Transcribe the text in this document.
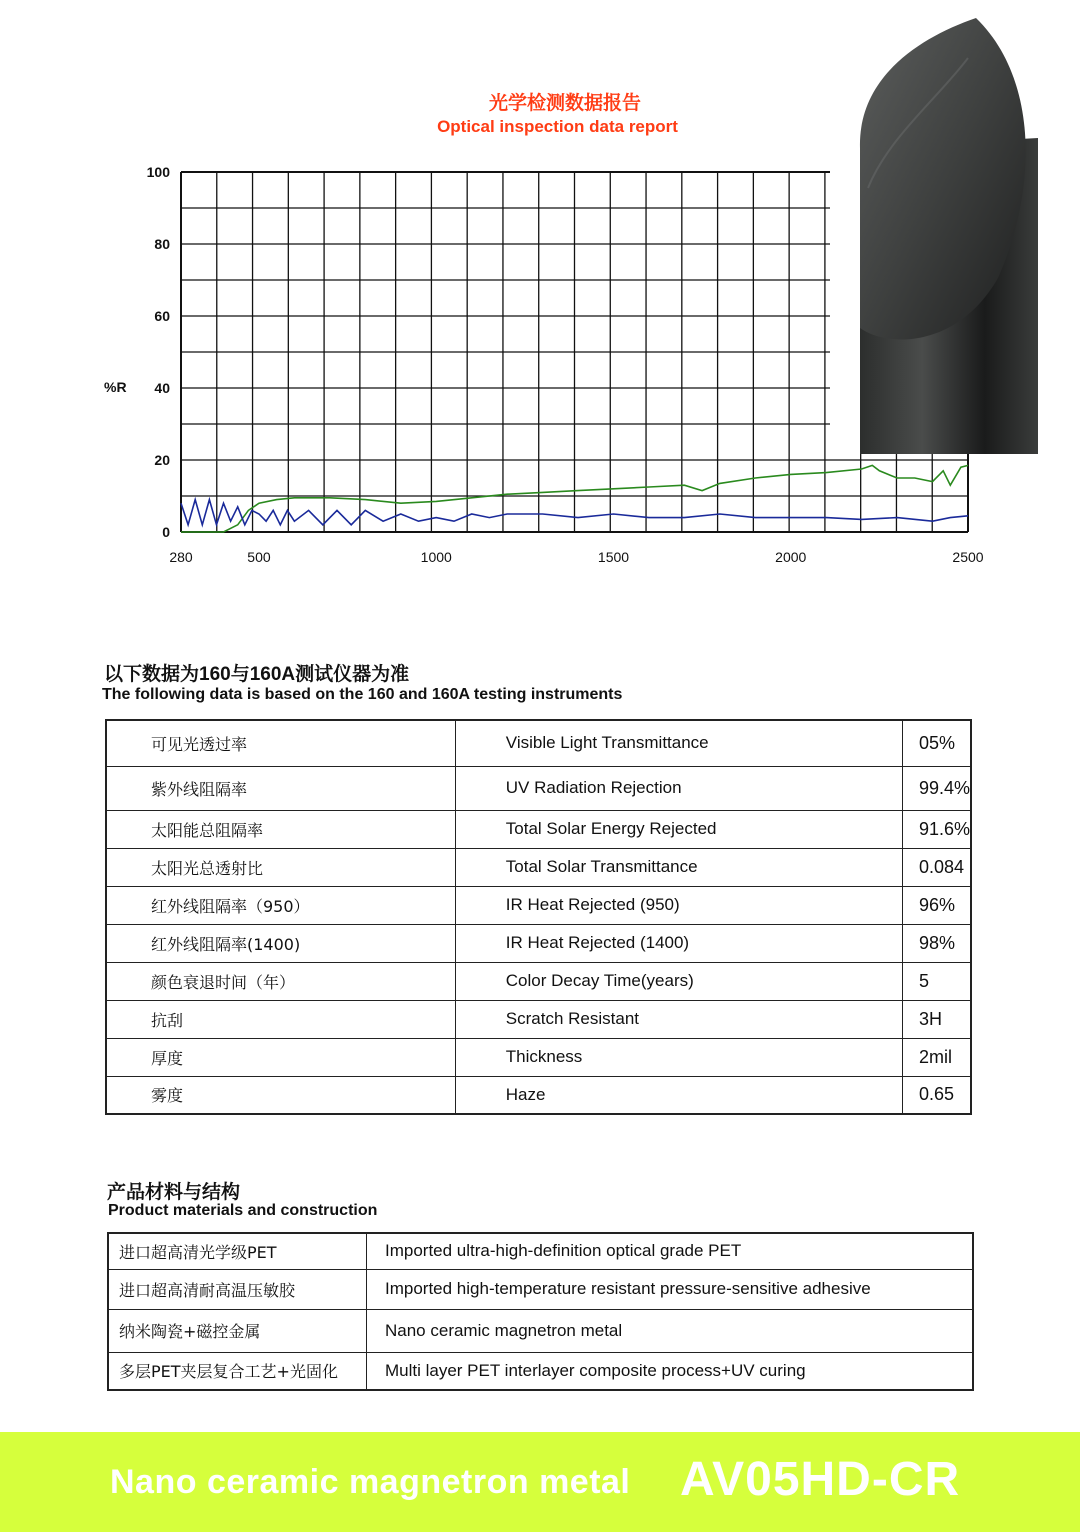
光学检测数据报告
Optical inspection data report
0
20
40
60
80
100
280	500	1000	1500	2000	2500
%R
以下数据为160与160A测试仪器为准
The following data is based on the 160 and 160A testing instruments
可见光透过率	Visible Light Transmittance	05%
紫外线阻隔率	UV Radiation Rejection	99.4%
太阳能总阻隔率	Total Solar Energy Rejected	91.6%
太阳光总透射比	Total Solar Transmittance	0.084
红外线阻隔率（950）	IR Heat Rejected (950)	96%
红外线阻隔率(1400)	IR Heat Rejected (1400)	98%
颜色衰退时间（年）	Color Decay Time(years)	5
抗刮	Scratch Resistant	3H
厚度	Thickness	2mil
雾度	Haze	0.65
产品材料与结构
Product materials and construction
进口超高清光学级PET	Imported ultra-high-definition optical grade PET
进口超高清耐高温压敏胶	Imported high-temperature resistant pressure-sensitive adhesive
纳米陶瓷+磁控金属	Nano ceramic magnetron metal
多层PET夹层复合工艺+光固化	Multi layer PET interlayer composite process+UV curing
Nano ceramic magnetron metal AV05HD-CR
